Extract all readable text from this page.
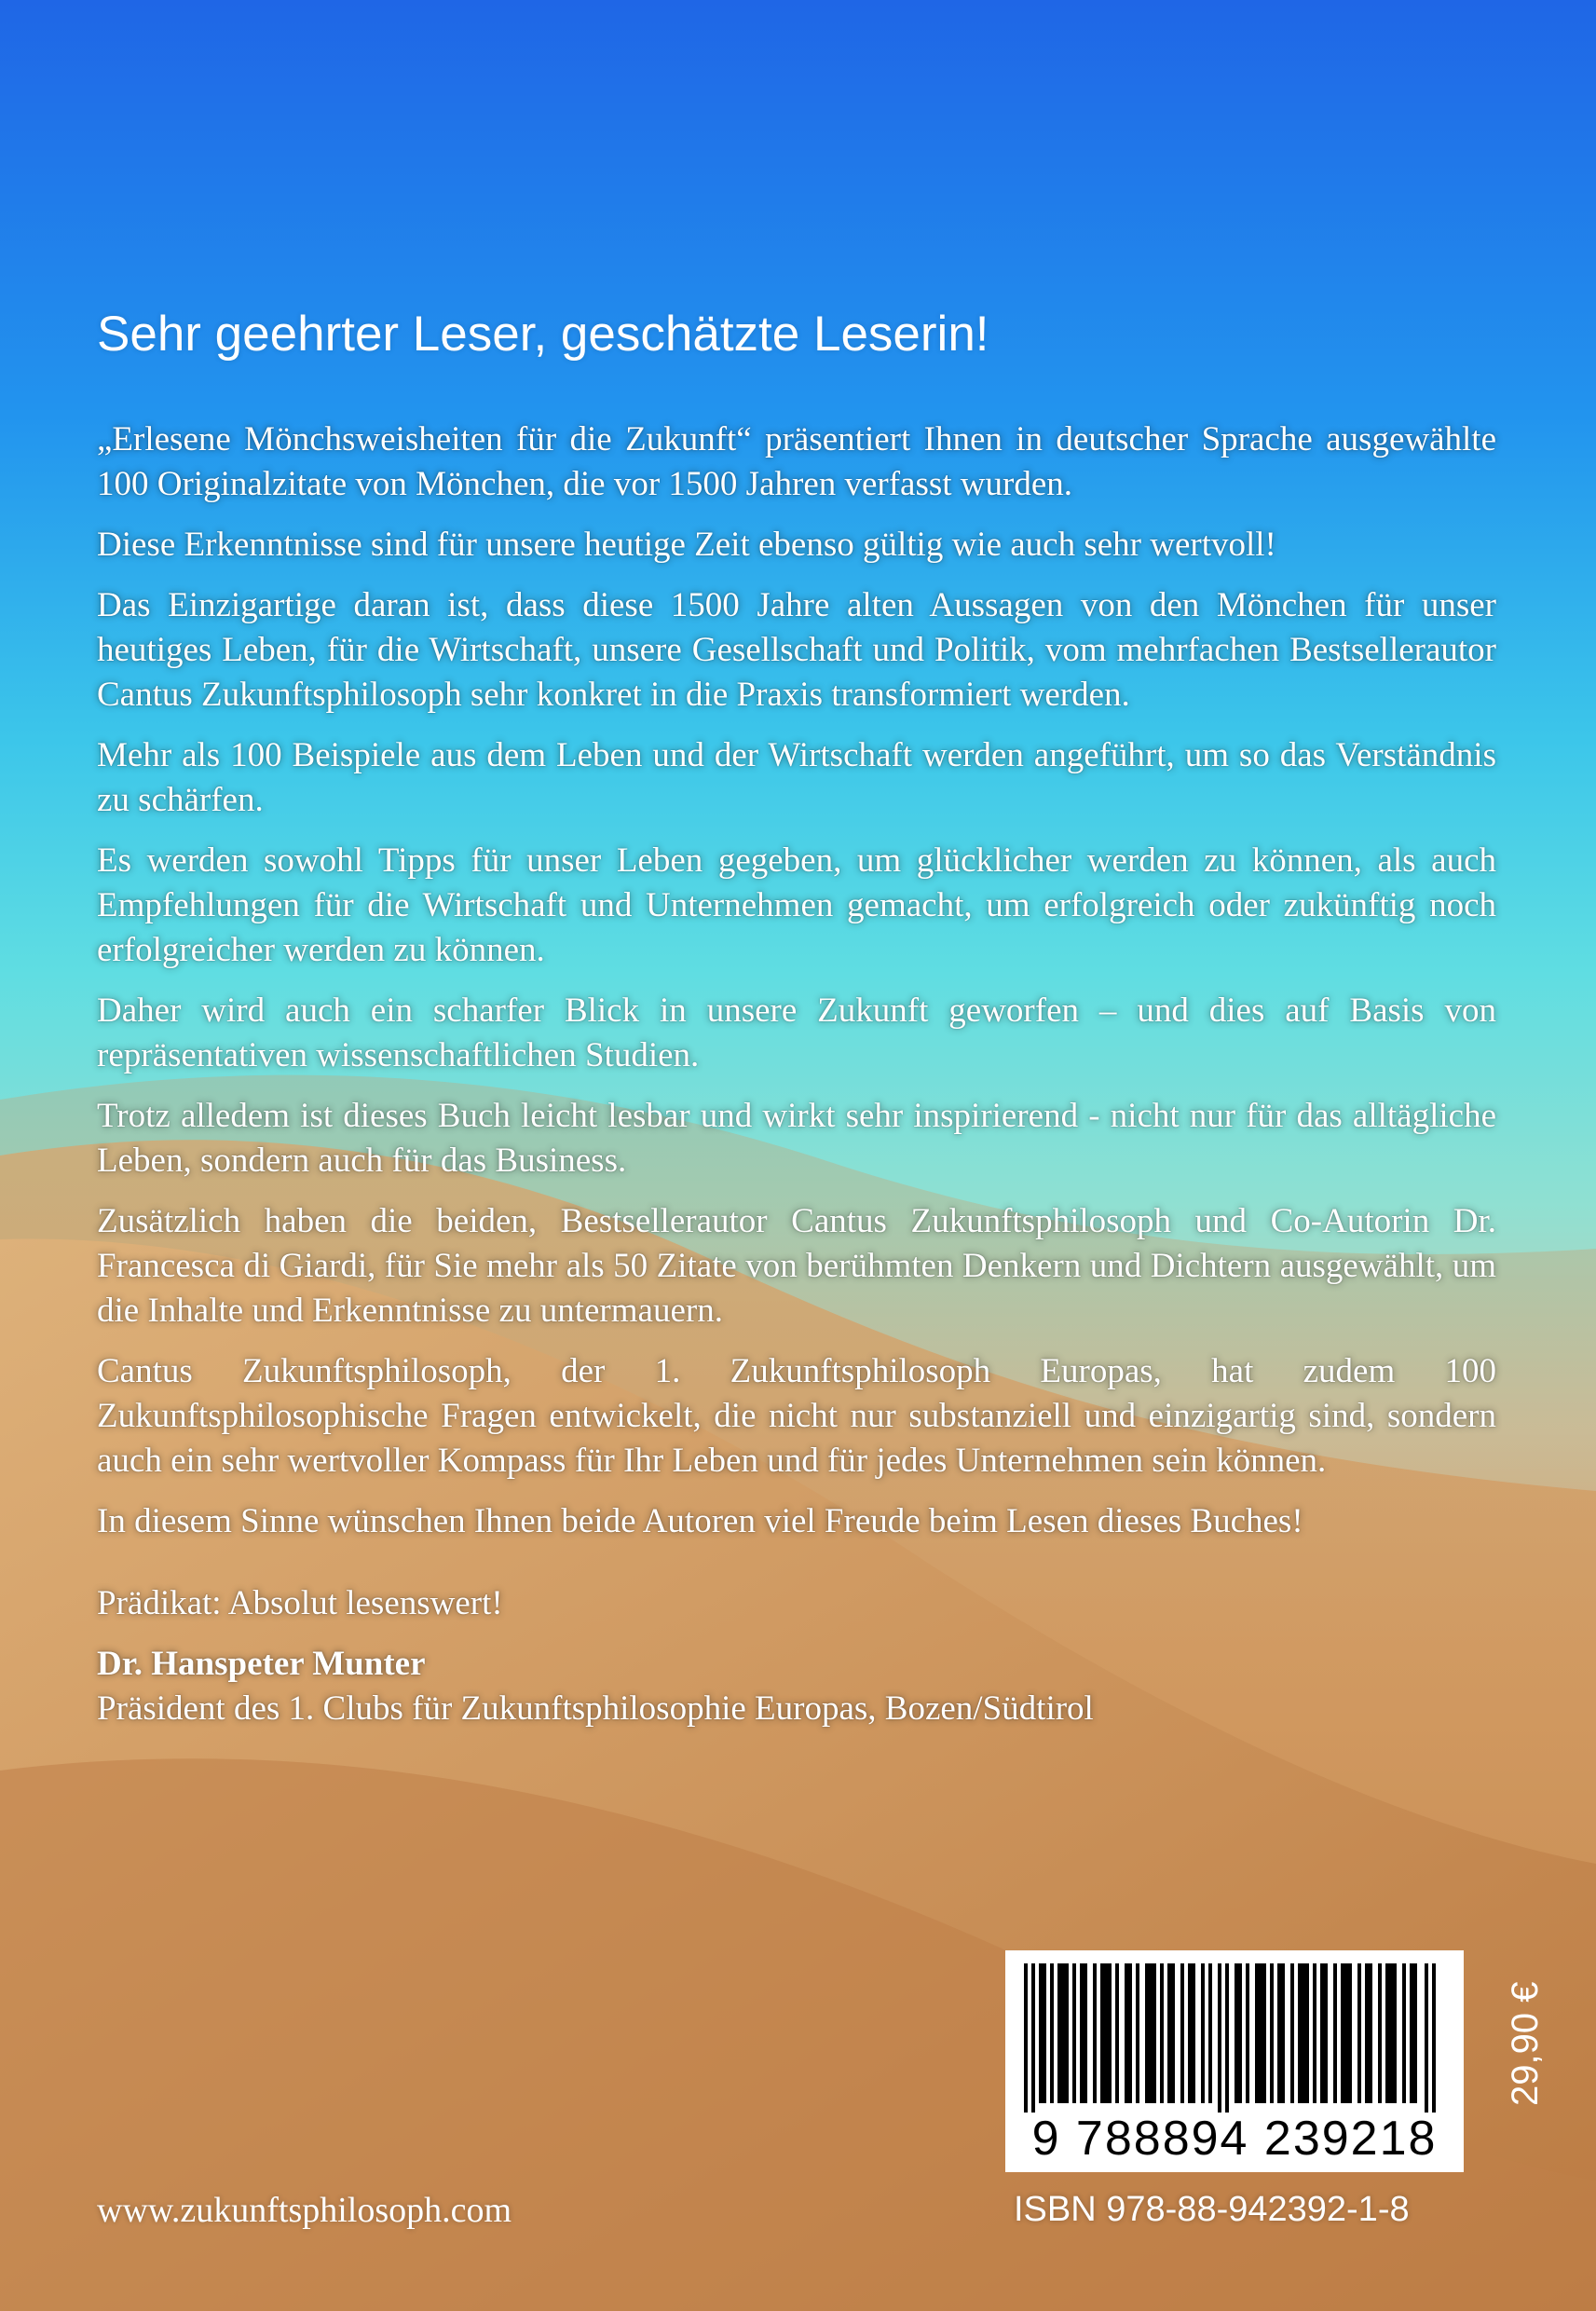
Sehr geehrter Leser, geschätzte Leserin!

„Erlesene Mönchsweisheiten für die Zukunft“ präsentiert Ihnen in deutscher Sprache ausgewählte 100 Originalzitate von Mönchen, die vor 1500 Jahren verfasst wurden.

Diese Erkenntnisse sind für unsere heutige Zeit ebenso gültig wie auch sehr wertvoll!

Das Einzigartige daran ist, dass diese 1500 Jahre alten Aussagen von den Mönchen für unser heutiges Leben, für die Wirtschaft, unsere Gesellschaft und Politik, vom mehrfachen Bestsellerautor Cantus Zukunftsphilosoph sehr konkret in die Praxis transformiert werden.

Mehr als 100 Beispiele aus dem Leben und der Wirtschaft werden angeführt, um so das Verständnis zu schärfen.

Es werden sowohl Tipps für unser Leben gegeben, um glücklicher werden zu können, als auch Empfehlungen für die Wirtschaft und Unternehmen gemacht, um erfolgreich oder zukünftig noch erfolgreicher werden zu können.

Daher wird auch ein scharfer Blick in unsere Zukunft geworfen – und dies auf Basis von repräsentativen wissenschaftlichen Studien.

Trotz alledem ist dieses Buch leicht lesbar und wirkt sehr inspirierend - nicht nur für das alltägliche Leben, sondern auch für das Business.

Zusätzlich haben die beiden, Bestsellerautor Cantus Zukunftsphilosoph und Co-Autorin Dr. Francesca di Giardi, für Sie mehr als 50 Zitate von berühmten Denkern und Dichtern ausgewählt, um die Inhalte und Erkenntnisse zu untermauern.

Cantus Zukunftsphilosoph, der 1. Zukunftsphilosoph Europas, hat zudem 100 Zukunftsphilosophische Fragen entwickelt, die nicht nur substanziell und einzigartig sind, sondern auch ein sehr wertvoller Kompass für Ihr Leben und für jedes Unternehmen sein können.

In diesem Sinne wünschen Ihnen beide Autoren viel Freude beim Lesen dieses Buches!

Prädikat: Absolut lesenswert!

Dr. Hanspeter Munter

Präsident des 1. Clubs für Zukunftsphilosophie Europas, Bozen/Südtirol

9 788894 239218
29,90 €
ISBN 978-88-942392-1-8
www.zukunftsphilosoph.com
